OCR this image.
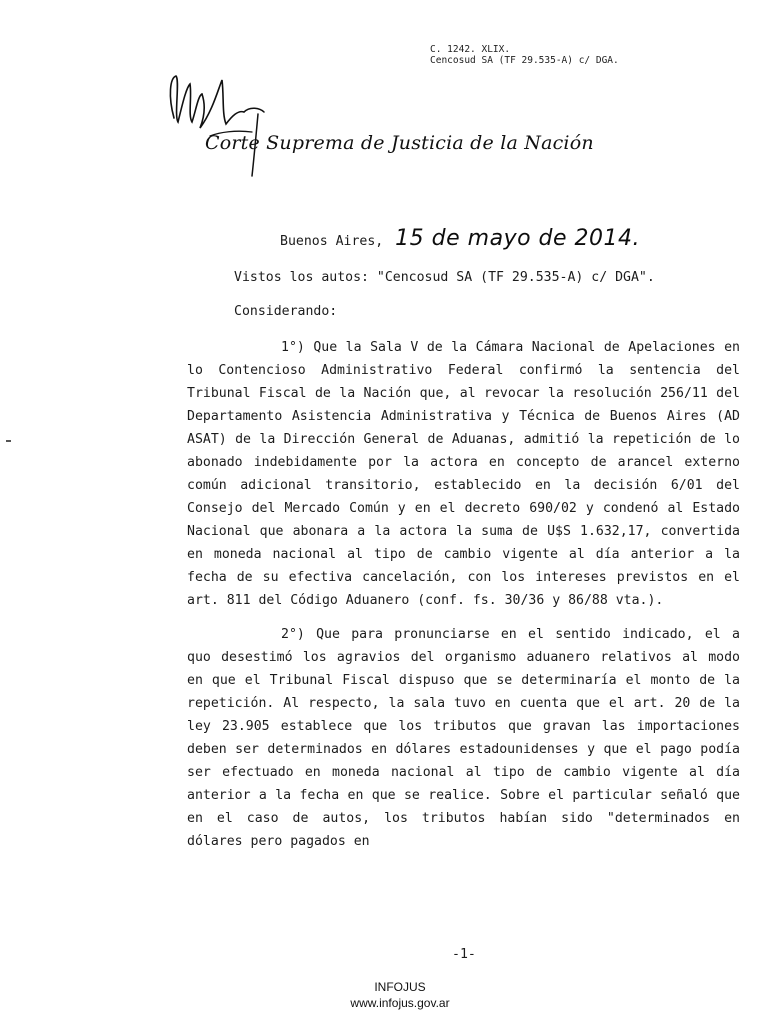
C. 1242. XLIX.
Cencosud SA (TF 29.535-A) c/ DGA.
Corte Suprema de Justicia de la Nación
Buenos Aires, 15 de mayo de 2014.
Vistos los autos: "Cencosud SA (TF 29.535-A) c/ DGA".
Considerando:

1°) Que la Sala V de la Cámara Nacional de Apelaciones en lo Contencioso Administrativo Federal confirmó la sentencia del Tribunal Fiscal de la Nación que, al revocar la resolución 256/11 del Departamento Asistencia Administrativa y Técnica de Buenos Aires (AD ASAT) de la Dirección General de Aduanas, admitió la repetición de lo abonado indebidamente por la actora en concepto de arancel externo común adicional transitorio, establecido en la decisión 6/01 del Consejo del Mercado Común y en el decreto 690/02 y condenó al Estado Nacional que abonara a la actora la suma de U$S 1.632,17, convertida en moneda nacional al tipo de cambio vigente al día anterior a la fecha de su efectiva cancelación, con los intereses previstos en el art. 811 del Código Aduanero (conf. fs. 30/36 y 86/88 vta.).

2°) Que para pronunciarse en el sentido indicado, el a quo desestimó los agravios del organismo aduanero relativos al modo en que el Tribunal Fiscal dispuso que se determinaría el monto de la repetición. Al respecto, la sala tuvo en cuenta que el art. 20 de la ley 23.905 establece que los tributos que gravan las importaciones deben ser determinados en dólares estadounidenses y que el pago podía ser efectuado en moneda nacional al tipo de cambio vigente al día anterior a la fecha en que se realice. Sobre el particular señaló que en el caso de autos, los tributos habían sido "determinados en dólares pero pagados en

-1-
INFOJUS
www.infojus.gov.ar
